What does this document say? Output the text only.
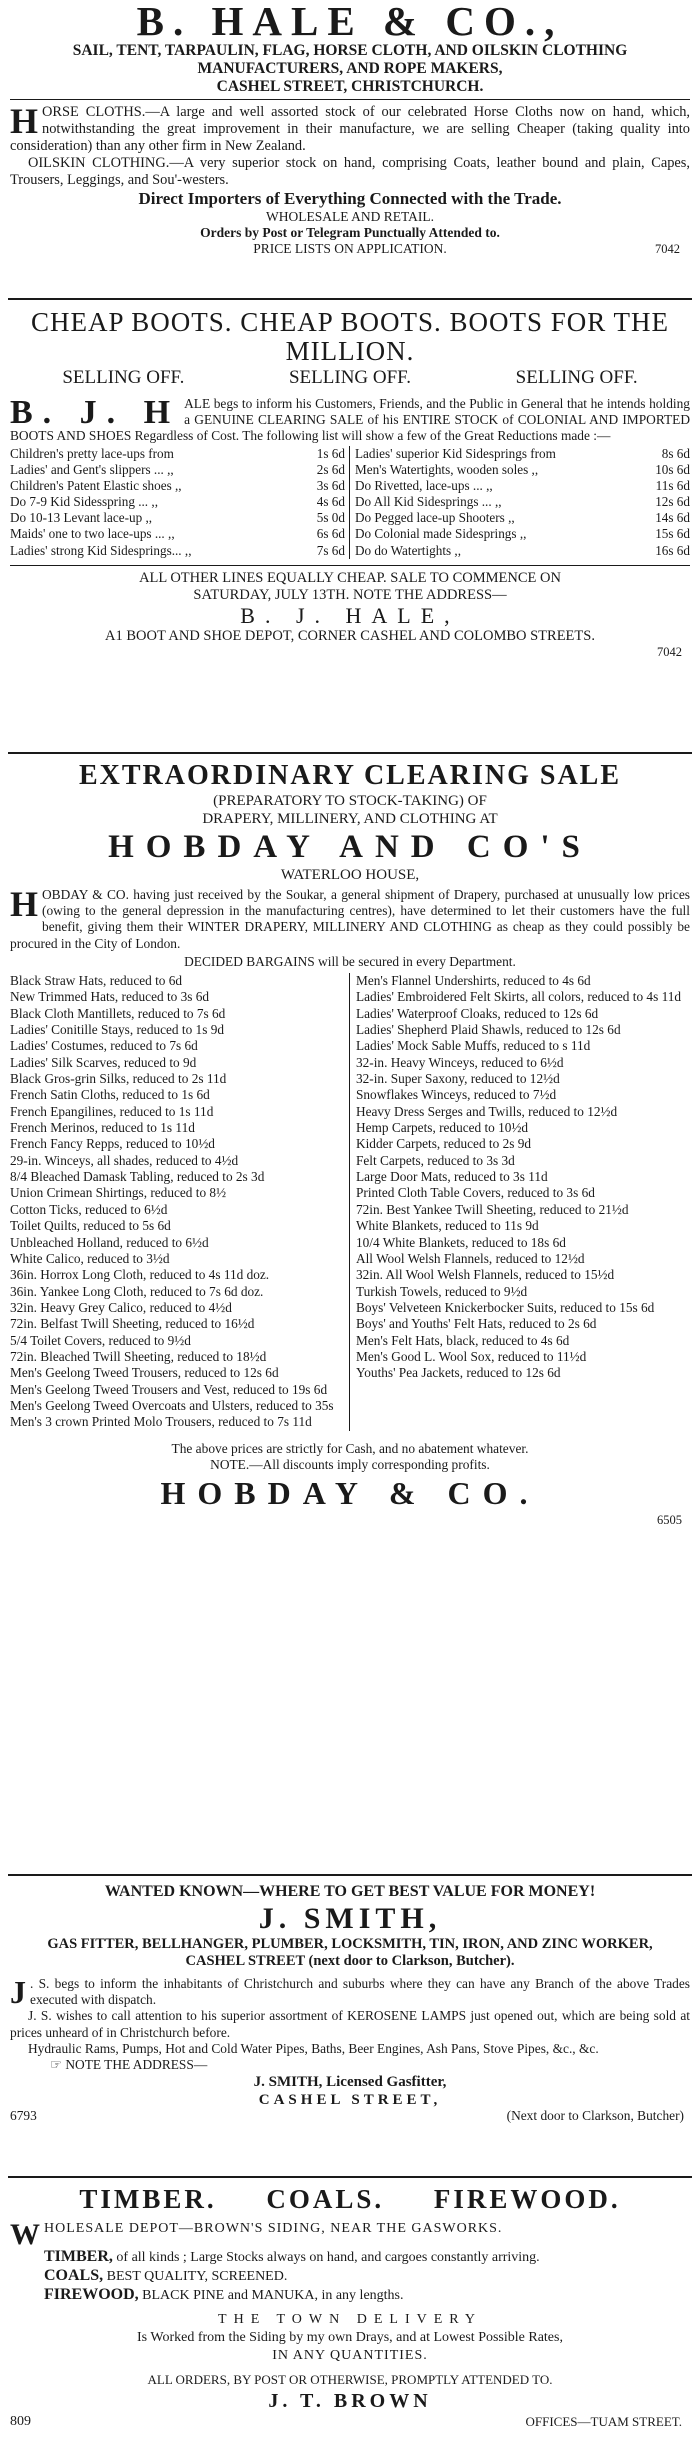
B. HALE & CO.,
SAIL, TENT, TARPAULIN, FLAG, HORSE CLOTH, AND OILSKIN CLOTHING
MANUFACTURERS, AND ROPE MAKERS,
CASHEL STREET, CHRISTCHURCH.

HORSE CLOTHS.—A large and well assorted stock of our celebrated Horse Cloths now on hand, which, notwithstanding the great improvement in their manufacture, we are selling Cheaper (taking quality into consideration) than any other firm in New Zealand.

OILSKIN CLOTHING.—A very superior stock on hand, comprising Coats, leather bound and plain, Capes, Trousers, Leggings, and Sou'-westers.

Direct Importers of Everything Connected with the Trade.
WHOLESALE AND RETAIL.
Orders by Post or Telegram Punctually Attended to.
PRICE LISTS ON APPLICATION.	7042
CHEAP BOOTS. CHEAP BOOTS. BOOTS FOR THE MILLION.
SELLING OFF.	SELLING OFF.	SELLING OFF.

B. J. H ALE begs to inform his Customers, Friends, and the Public in General that he intends holding a GENUINE CLEARING SALE of his ENTIRE STOCK of COLONIAL AND IMPORTED BOOTS AND SHOES Regardless of Cost. The following list will show a few of the Great Reductions made :—

Children's pretty lace-ups from	1s 6d
Ladies' and Gent's slippers ... ,,	2s 6d
Children's Patent Elastic shoes ,,	3s 6d
Do 7-9 Kid Sidesspring ... ,,	4s 6d
Do 10-13 Levant lace-up ,,	5s 0d
Maids' one to two lace-ups ... ,,	6s 6d
Ladies' strong Kid Sidesprings... ,,	7s 6d
Ladies' superior Kid Sidesprings from	8s 6d
Men's Watertights, wooden soles ,,	10s 6d
Do Rivetted, lace-ups ... ,,	11s 6d
Do All Kid Sidesprings ... ,,	12s 6d
Do Pegged lace-up Shooters ,,	14s 6d
Do Colonial made Sidesprings ,,	15s 6d
Do do Watertights ,,	16s 6d
ALL OTHER LINES EQUALLY CHEAP. SALE TO COMMENCE ON
SATURDAY, JULY 13TH. NOTE THE ADDRESS—
B. J. HALE,
A1 BOOT AND SHOE DEPOT, CORNER CASHEL AND COLOMBO STREETS.
7042
EXTRAORDINARY CLEARING SALE
(PREPARATORY TO STOCK-TAKING) OF
DRAPERY, MILLINERY, AND CLOTHING AT
HOBDAY AND CO'S
WATERLOO HOUSE,

HOBDAY & CO. having just received by the Soukar, a general shipment of Drapery, purchased at unusually low prices (owing to the general depression in the manufacturing centres), have determined to let their customers have the full benefit, giving them their WINTER DRAPERY, MILLINERY AND CLOTHING as cheap as they could possibly be procured in the City of London.

DECIDED BARGAINS will be secured in every Department.
Black Straw Hats, reduced to 6d
New Trimmed Hats, reduced to 3s 6d
Black Cloth Mantillets, reduced to 7s 6d
Ladies' Conitille Stays, reduced to 1s 9d
Ladies' Costumes, reduced to 7s 6d
Ladies' Silk Scarves, reduced to 9d
Black Gros-grin Silks, reduced to 2s 11d
French Satin Cloths, reduced to 1s 6d
French Epangilines, reduced to 1s 11d
French Merinos, reduced to 1s 11d
French Fancy Repps, reduced to 10½d
29-in. Winceys, all shades, reduced to 4½d
8/4 Bleached Damask Tabling, reduced to 2s 3d
Union Crimean Shirtings, reduced to 8½
Cotton Ticks, reduced to 6½d
Toilet Quilts, reduced to 5s 6d
Unbleached Holland, reduced to 6½d
White Calico, reduced to 3½d
36in. Horrox Long Cloth, reduced to 4s 11d doz.
36in. Yankee Long Cloth, reduced to 7s 6d doz.
32in. Heavy Grey Calico, reduced to 4½d
72in. Belfast Twill Sheeting, reduced to 16½d
5/4 Toilet Covers, reduced to 9½d
72in. Bleached Twill Sheeting, reduced to 18½d
Men's Geelong Tweed Trousers, reduced to 12s 6d
Men's Geelong Tweed Trousers and Vest, reduced to 19s 6d
Men's Geelong Tweed Overcoats and Ulsters, reduced to 35s
Men's 3 crown Printed Molo Trousers, reduced to 7s 11d
Men's Flannel Undershirts, reduced to 4s 6d
Ladies' Embroidered Felt Skirts, all colors, reduced to 4s 11d
Ladies' Waterproof Cloaks, reduced to 12s 6d
Ladies' Shepherd Plaid Shawls, reduced to 12s 6d
Ladies' Mock Sable Muffs, reduced to s 11d
32-in. Heavy Winceys, reduced to 6½d
32-in. Super Saxony, reduced to 12½d
Snowflakes Winceys, reduced to 7½d
Heavy Dress Serges and Twills, reduced to 12½d
Hemp Carpets, reduced to 10½d
Kidder Carpets, reduced to 2s 9d
Felt Carpets, reduced to 3s 3d
Large Door Mats, reduced to 3s 11d
Printed Cloth Table Covers, reduced to 3s 6d
72in. Best Yankee Twill Sheeting, reduced to 21½d
White Blankets, reduced to 11s 9d
10/4 White Blankets, reduced to 18s 6d
All Wool Welsh Flannels, reduced to 12½d
32in. All Wool Welsh Flannels, reduced to 15½d
Turkish Towels, reduced to 9½d
Boys' Velveteen Knickerbocker Suits, reduced to 15s 6d
Boys' and Youths' Felt Hats, reduced to 2s 6d
Men's Felt Hats, black, reduced to 4s 6d
Men's Good L. Wool Sox, reduced to 11½d
Youths' Pea Jackets, reduced to 12s 6d
The above prices are strictly for Cash, and no abatement whatever.
NOTE.—All discounts imply corresponding profits.
HOBDAY & CO.
6505
WANTED KNOWN—WHERE TO GET BEST VALUE FOR MONEY!
J. SMITH,
GAS FITTER, BELLHANGER, PLUMBER, LOCKSMITH, TIN, IRON, AND ZINC WORKER,
CASHEL STREET (next door to Clarkson, Butcher).

J . S. begs to inform the inhabitants of Christchurch and suburbs where they can have any Branch of the above Trades executed with dispatch.

J. S. wishes to call attention to his superior assortment of KEROSENE LAMPS just opened out, which are being sold at prices unheard of in Christchurch before.

Hydraulic Rams, Pumps, Hot and Cold Water Pipes, Baths, Beer Engines, Ash Pans, Stove Pipes, &c., &c.

☞ NOTE THE ADDRESS—
J. SMITH, Licensed Gasfitter,
CASHEL STREET,
6793	(Next door to Clarkson, Butcher)
TIMBER. COALS. FIREWOOD.

WHOLESALE DEPOT—BROWN'S SIDING, NEAR THE GASWORKS.

TIMBER, of all kinds ; Large Stocks always on hand, and cargoes constantly arriving.

COALS, BEST QUALITY, SCREENED.

FIREWOOD, BLACK PINE and MANUKA, in any lengths.

THE TOWN DELIVERY
Is Worked from the Siding by my own Drays, and at Lowest Possible Rates,
IN ANY QUANTITIES.
ALL ORDERS, BY POST OR OTHERWISE, PROMPTLY ATTENDED TO.
J. T. BROWN
809	OFFICES—TUAM STREET.
